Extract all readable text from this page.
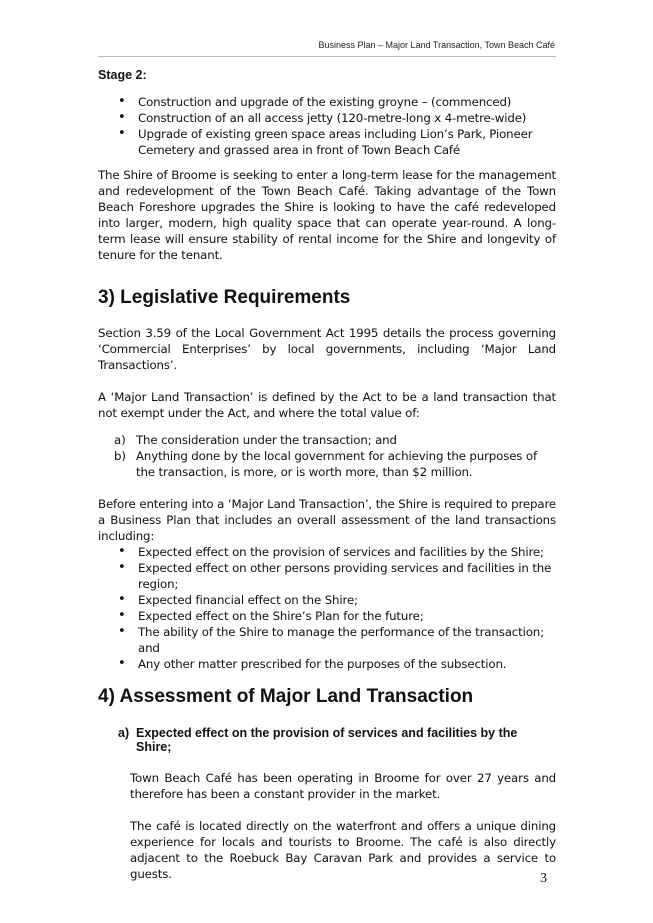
Business Plan – Major Land Transaction, Town Beach Café
Stage 2:
• Construction and upgrade of the existing groyne – (commenced)
• Construction of an all access jetty (120-metre-long x 4-metre-wide)
• Upgrade of existing green space areas including Lion’s Park, Pioneer Cemetery and grassed area in front of Town Beach Café

The Shire of Broome is seeking to enter a long-term lease for the management and redevelopment of the Town Beach Café. Taking advantage of the Town Beach Foreshore upgrades the Shire is looking to have the café redeveloped into larger, modern, high quality space that can operate year-round. A long-term lease will ensure stability of rental income for the Shire and longevity of tenure for the tenant.

3) Legislative Requirements

Section 3.59 of the Local Government Act 1995 details the process governing ‘Commercial Enterprises’ by local governments, including ‘Major Land Transactions’.

A ‘Major Land Transaction’ is defined by the Act to be a land transaction that not exempt under the Act, and where the total value of:

a) The consideration under the transaction; and
b) Anything done by the local government for achieving the purposes of the transaction, is more, or is worth more, than $2 million.

Before entering into a ‘Major Land Transaction’, the Shire is required to prepare a Business Plan that includes an overall assessment of the land transactions including:

• Expected effect on the provision of services and facilities by the Shire;
• Expected effect on other persons providing services and facilities in the region;
• Expected financial effect on the Shire;
• Expected effect on the Shire’s Plan for the future;
• The ability of the Shire to manage the performance of the transaction; and
• Any other matter prescribed for the purposes of the subsection.
4) Assessment of Major Land Transaction
a) Expected effect on the provision of services and facilities by the Shire;

Town Beach Café has been operating in Broome for over 27 years and therefore has been a constant provider in the market.

The café is located directly on the waterfront and offers a unique dining experience for locals and tourists to Broome. The café is also directly adjacent to the Roebuck Bay Caravan Park and provides a service to guests.	3
